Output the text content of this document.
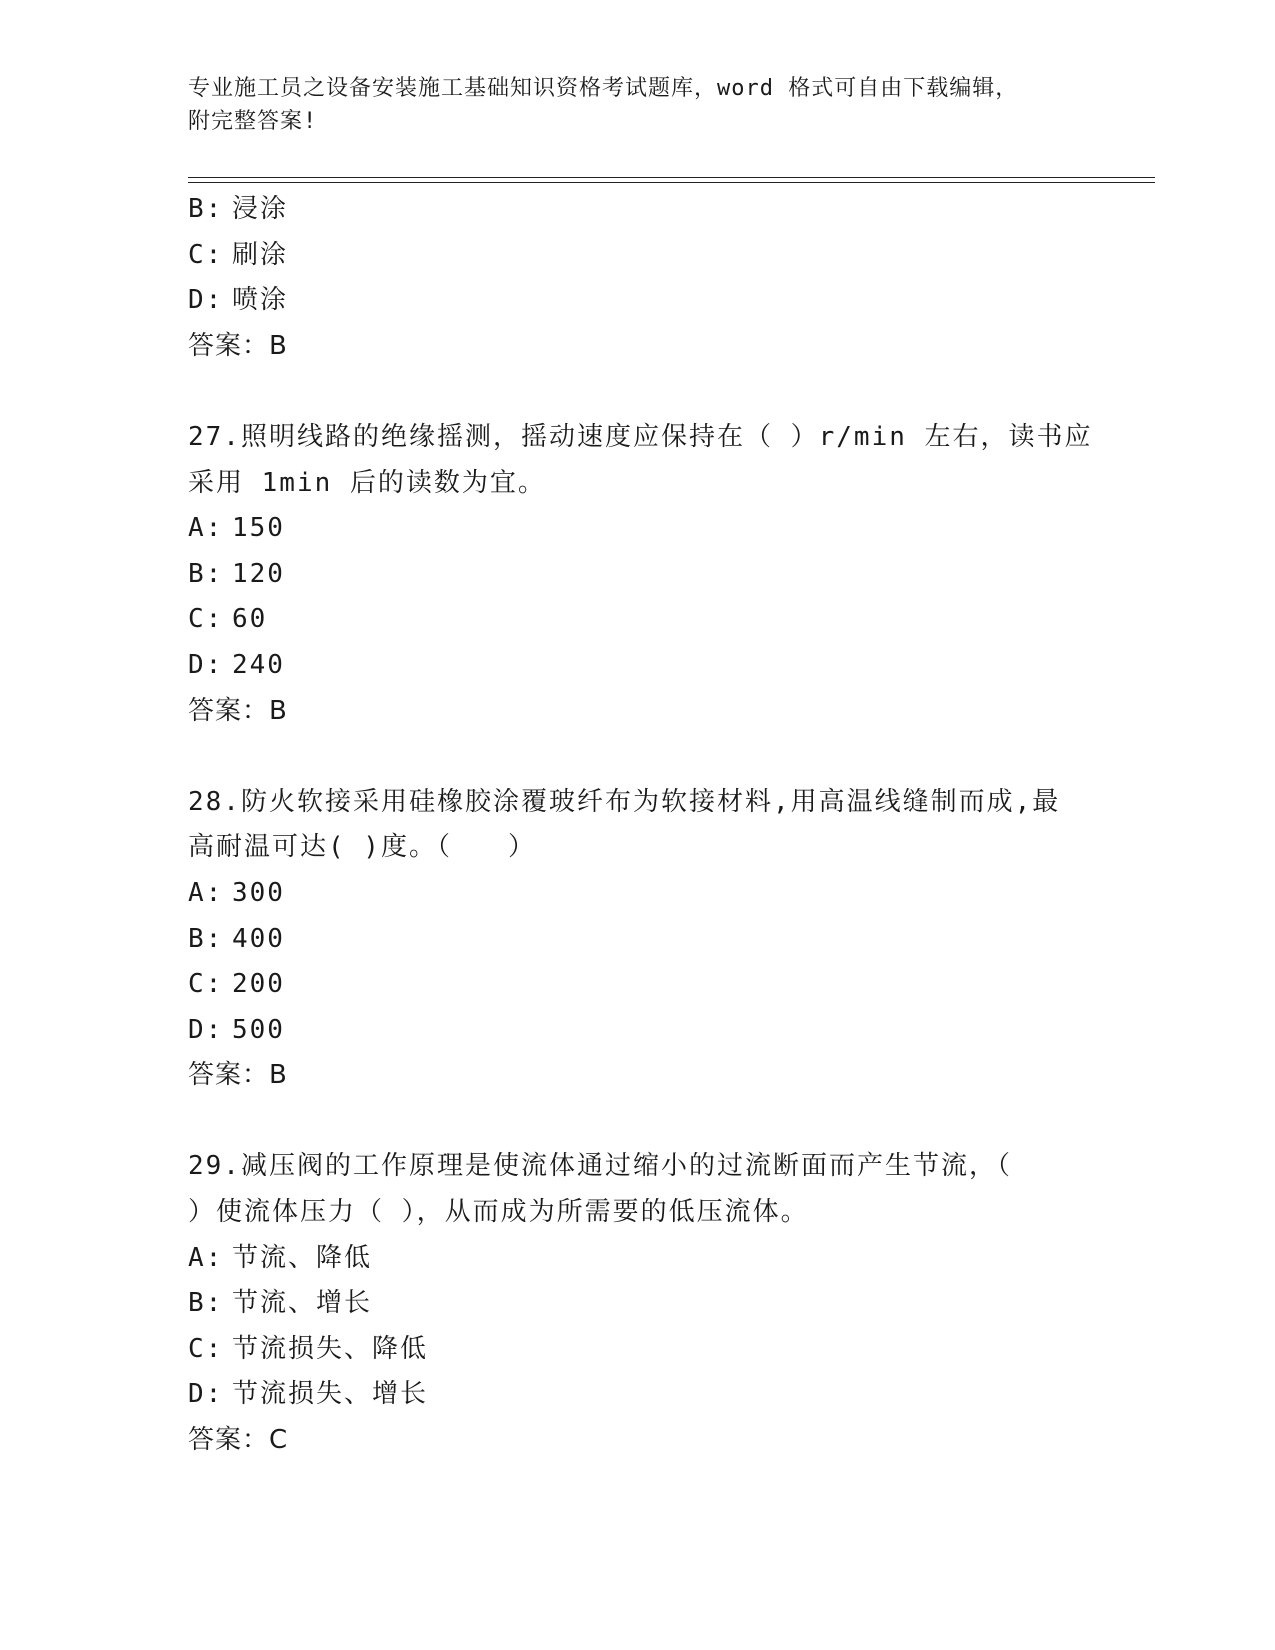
专业施工员之设备安装施工基础知识资格考试题库，word 格式可自由下载编辑，
附完整答案!
B: 浸涂
C: 刷涂
D: 喷涂
答案：B
27.照明线路的绝缘摇测，摇动速度应保持在（ ）r/min 左右，读书应
采用 1min 后的读数为宜。
A: 150
B: 120
C: 60
D: 240
答案：B
28.防火软接采用硅橡胶涂覆玻纤布为软接材料,用高温线缝制而成,最
高耐温可达( )度。（　　）
A: 300
B: 400
C: 200
D: 500
答案：B
29.减压阀的工作原理是使流体通过缩小的过流断面而产生节流，（
）使流体压力（ ），从而成为所需要的低压流体。
A: 节流、降低
B: 节流、增长
C: 节流损失、降低
D: 节流损失、增长
答案：C
